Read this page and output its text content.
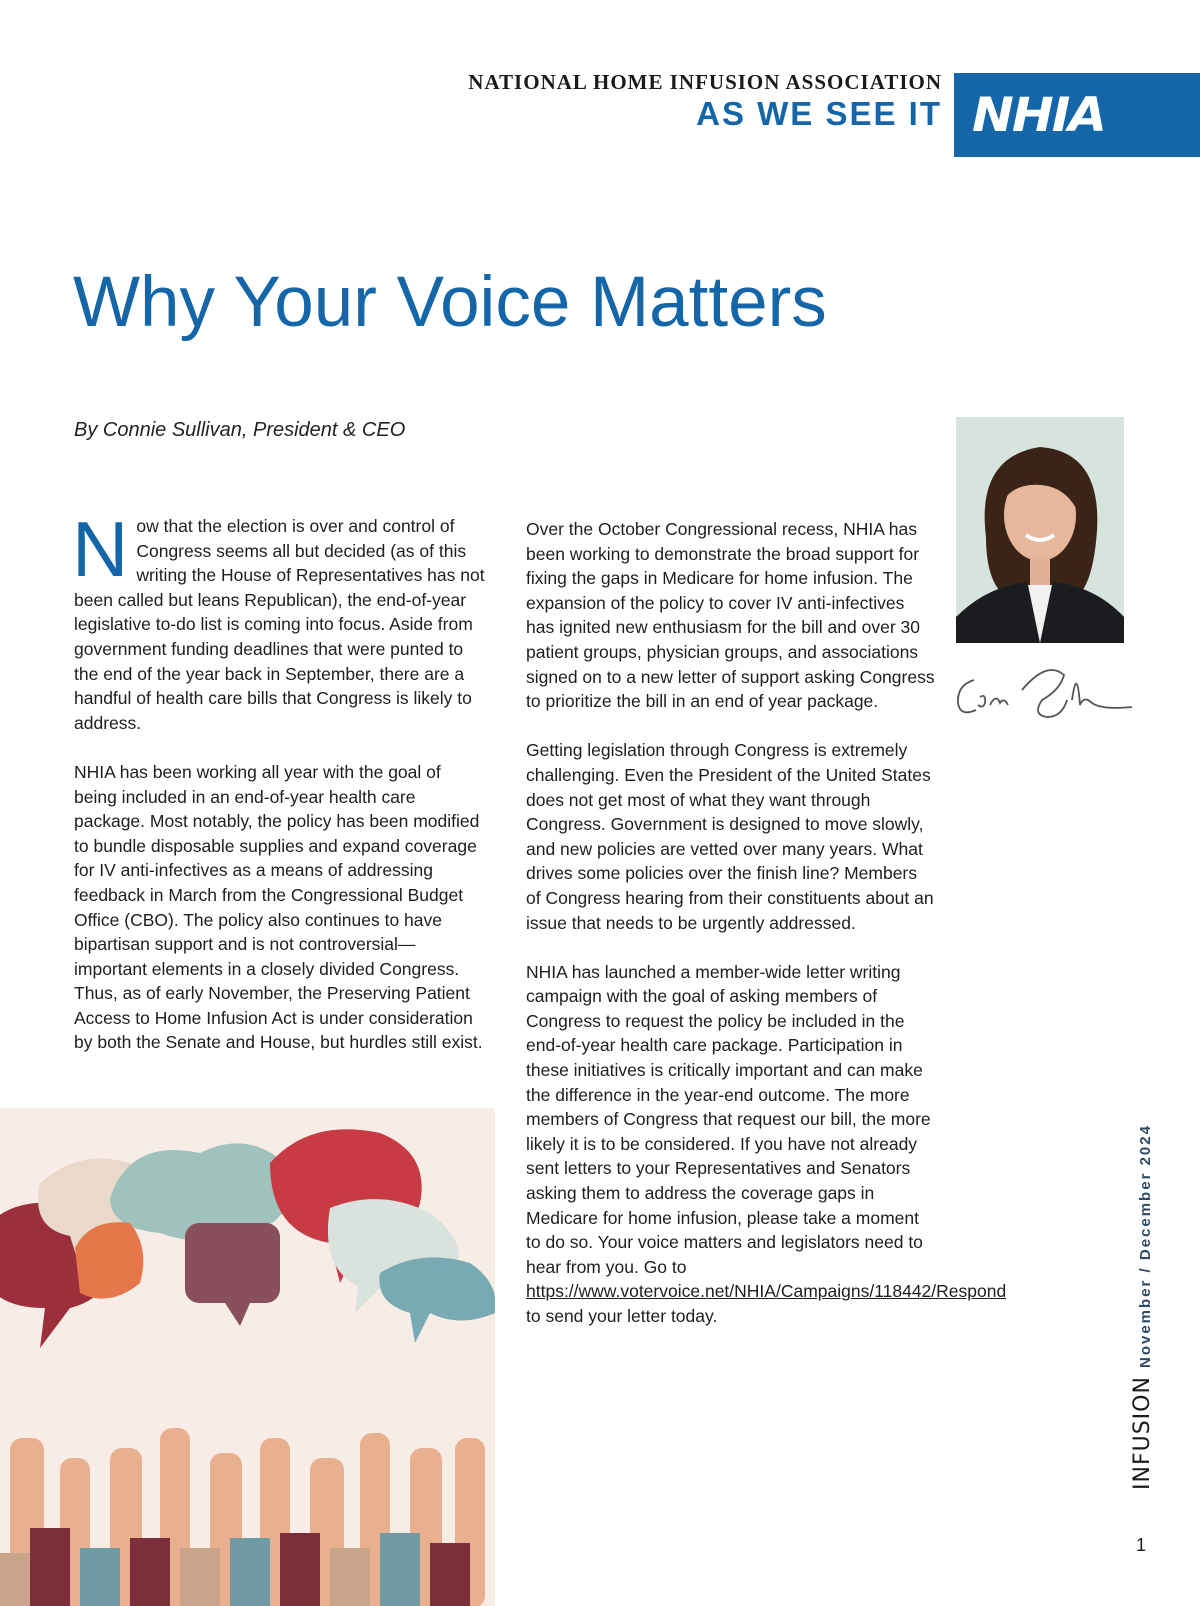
NATIONAL HOME INFUSION ASSOCIATION
AS WE SEE IT NHIA
Why Your Voice Matters
By Connie Sullivan, President & CEO

Now that the election is over and control of Congress seems all but decided (as of this writing the House of Representatives has not been called but leans Republican), the end-of-year legislative to-do list is coming into focus. Aside from government funding deadlines that were punted to the end of the year back in September, there are a handful of health care bills that Congress is likely to address.

NHIA has been working all year with the goal of being included in an end-of-year health care package. Most notably, the policy has been modified to bundle disposable supplies and expand coverage for IV anti-infectives as a means of addressing feedback in March from the Congressional Budget Office (CBO). The policy also continues to have bipartisan support and is not controversial—important elements in a closely divided Congress. Thus, as of early November, the Preserving Patient Access to Home Infusion Act is under consideration by both the Senate and House, but hurdles still exist.

Over the October Congressional recess, NHIA has been working to demonstrate the broad support for fixing the gaps in Medicare for home infusion. The expansion of the policy to cover IV anti-infectives has ignited new enthusiasm for the bill and over 30 patient groups, physician groups, and associations signed on to a new letter of support asking Congress to prioritize the bill in an end of year package.

Getting legislation through Congress is extremely challenging. Even the President of the United States does not get most of what they want through Congress. Government is designed to move slowly, and new policies are vetted over many years. What drives some policies over the finish line? Members of Congress hearing from their constituents about an issue that needs to be urgently addressed.

NHIA has launched a member-wide letter writing campaign with the goal of asking members of Congress to request the policy be included in the end-of-year health care package. Participation in these initiatives is critically important and can make the difference in the year-end outcome. The more members of Congress that request our bill, the more likely it is to be considered. If you have not already sent letters to your Representatives and Senators asking them to address the coverage gaps in Medicare for home infusion, please take a moment to do so. Your voice matters and legislators need to hear from you. Go to https://www.votervoice.net/NHIA/Campaigns/118442/Respond to send your letter today.	November / December 2024
INFUSION
1
